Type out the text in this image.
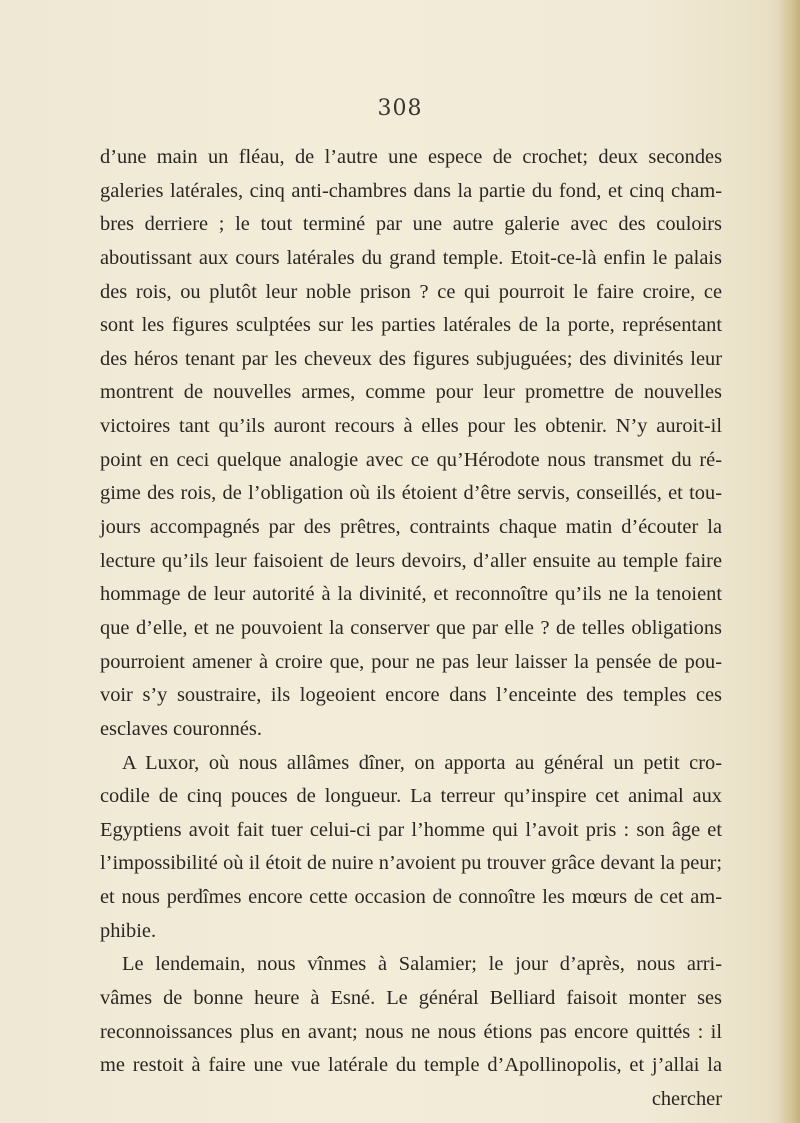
308
d’une main un fléau, de l’autre une espece de crochet; deux secondes
galeries latérales, cinq anti-chambres dans la partie du fond, et cinq cham-
bres derriere ; le tout terminé par une autre galerie avec des couloirs
aboutissant aux cours latérales du grand temple. Etoit-ce-là enfin le palais
des rois, ou plutôt leur noble prison ? ce qui pourroit le faire croire, ce
sont les figures sculptées sur les parties latérales de la porte, représentant
des héros tenant par les cheveux des figures subjuguées; des divinités leur
montrent de nouvelles armes, comme pour leur promettre de nouvelles
victoires tant qu’ils auront recours à elles pour les obtenir. N’y auroit-il
point en ceci quelque analogie avec ce qu’Hérodote nous transmet du ré-
gime des rois, de l’obligation où ils étoient d’être servis, conseillés, et tou-
jours accompagnés par des prêtres, contraints chaque matin d’écouter la
lecture qu’ils leur faisoient de leurs devoirs, d’aller ensuite au temple faire
hommage de leur autorité à la divinité, et reconnoître qu’ils ne la tenoient
que d’elle, et ne pouvoient la conserver que par elle ? de telles obligations
pourroient amener à croire que, pour ne pas leur laisser la pensée de pou-
voir s’y soustraire, ils logeoient encore dans l’enceinte des temples ces
esclaves couronnés.
A Luxor, où nous allâmes dîner, on apporta au général un petit cro-
codile de cinq pouces de longueur. La terreur qu’inspire cet animal aux
Egyptiens avoit fait tuer celui-ci par l’homme qui l’avoit pris : son âge et
l’impossibilité où il étoit de nuire n’avoient pu trouver grâce devant la peur;
et nous perdîmes encore cette occasion de connoître les mœurs de cet am-
phibie.
Le lendemain, nous vînmes à Salamier; le jour d’après, nous arri-
vâmes de bonne heure à Esné. Le général Belliard faisoit monter ses
reconnoissances plus en avant; nous ne nous étions pas encore quittés : il
me restoit à faire une vue latérale du temple d’Apollinopolis, et j’allai la
chercher
